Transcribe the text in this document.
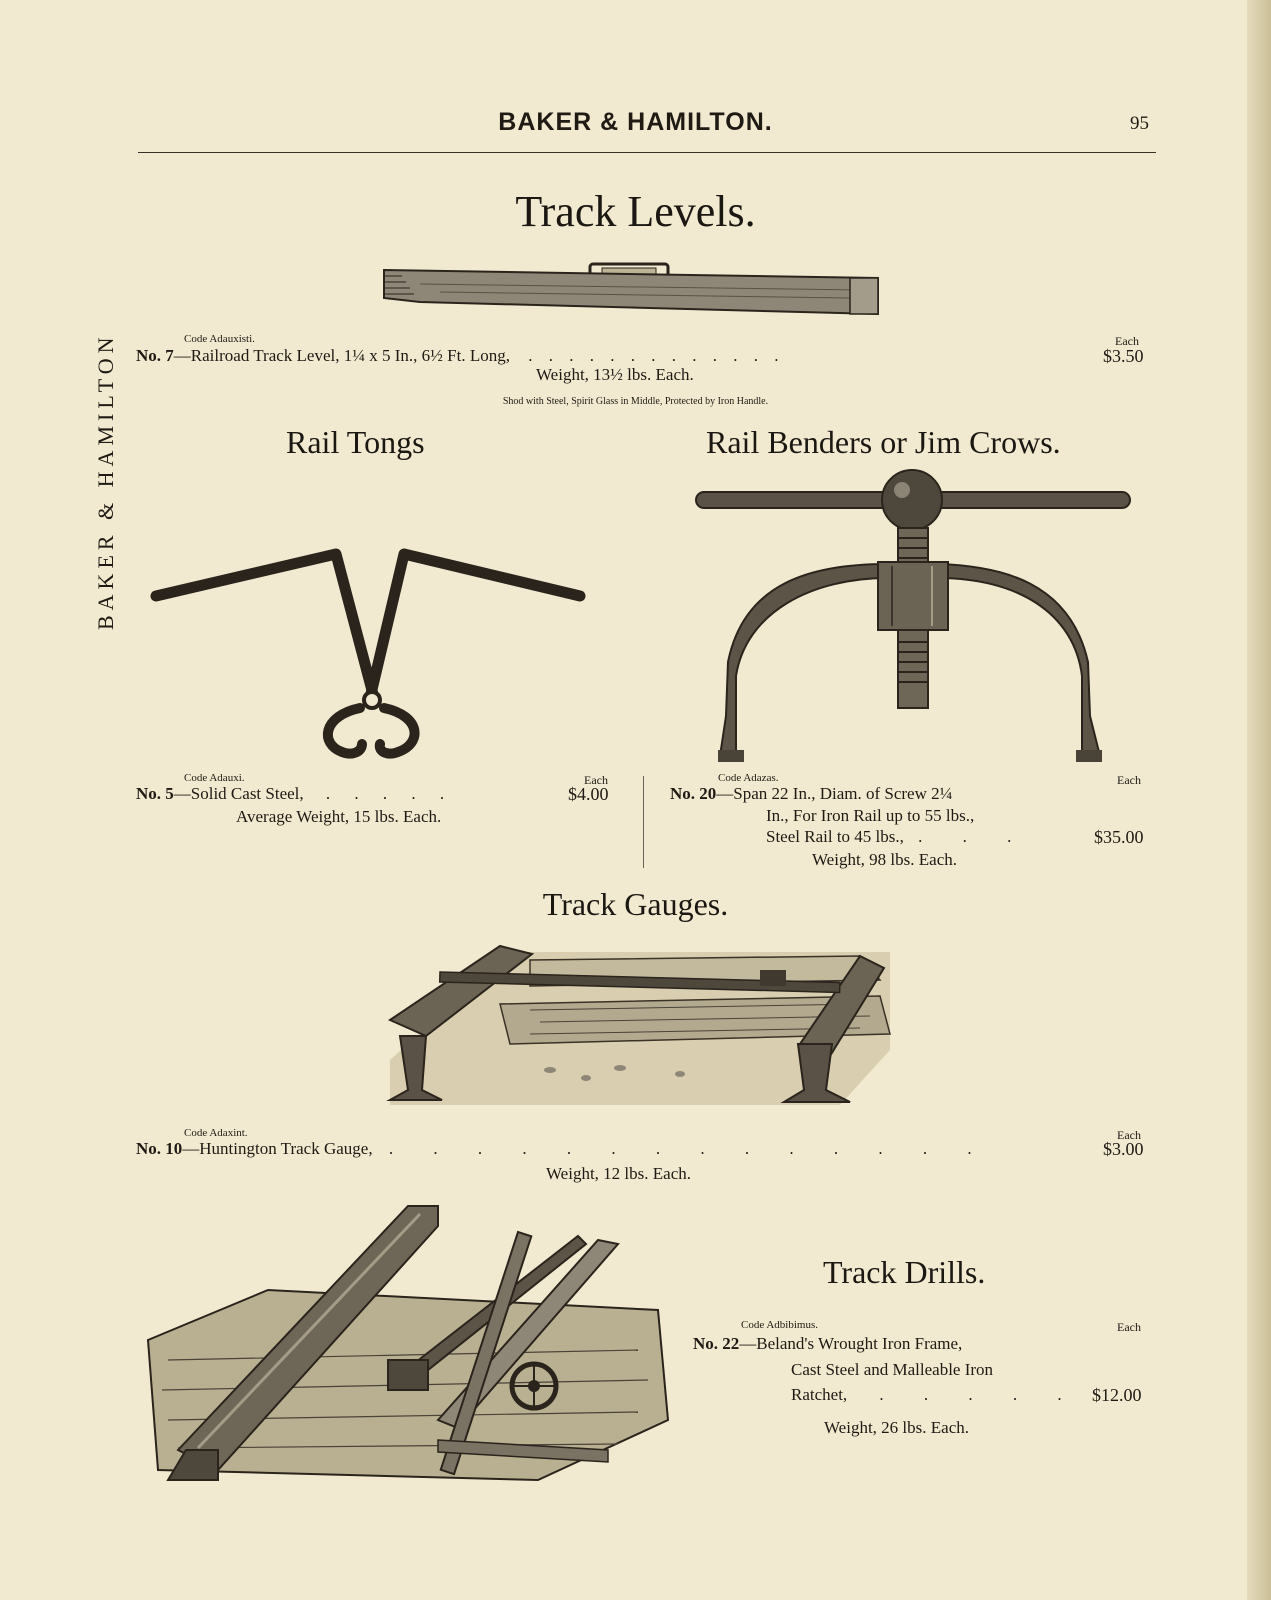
BAKER & HAMILTON.	95
BAKER & HAMILTON
Track Levels.
Code Adauxisti.	Each
No. 7—Railroad Track Level, 1¼ x 5 In., 6½ Ft. Long, . . . . . . . . . . . . .	$3.50
Weight, 13½ lbs. Each.
Shod with Steel, Spirit Glass in Middle, Protected by Iron Handle.
Rail Tongs
Code Adauxi.	Each
No. 5—Solid Cast Steel, . . . . .	$4.00
Average Weight, 15 lbs. Each.
Rail Benders or Jim Crows.
Code Adazas.	Each
No. 20—Span 22 In., Diam. of Screw 2¼
In., For Iron Rail up to 55 lbs.,
Steel Rail to 45 lbs., . . .	$35.00
Weight, 98 lbs. Each.
Track Gauges.
Code Adaxint.	Each
No. 10—Huntington Track Gauge, . . . . . . . . . . . . . .	$3.00
Weight, 12 lbs. Each.
Track Drills.
Code Adbibimus.	Each
No. 22—Beland's Wrought Iron Frame,
Cast Steel and Malleable Iron
Ratchet, . . . . . $12.00
Weight, 26 lbs. Each.
